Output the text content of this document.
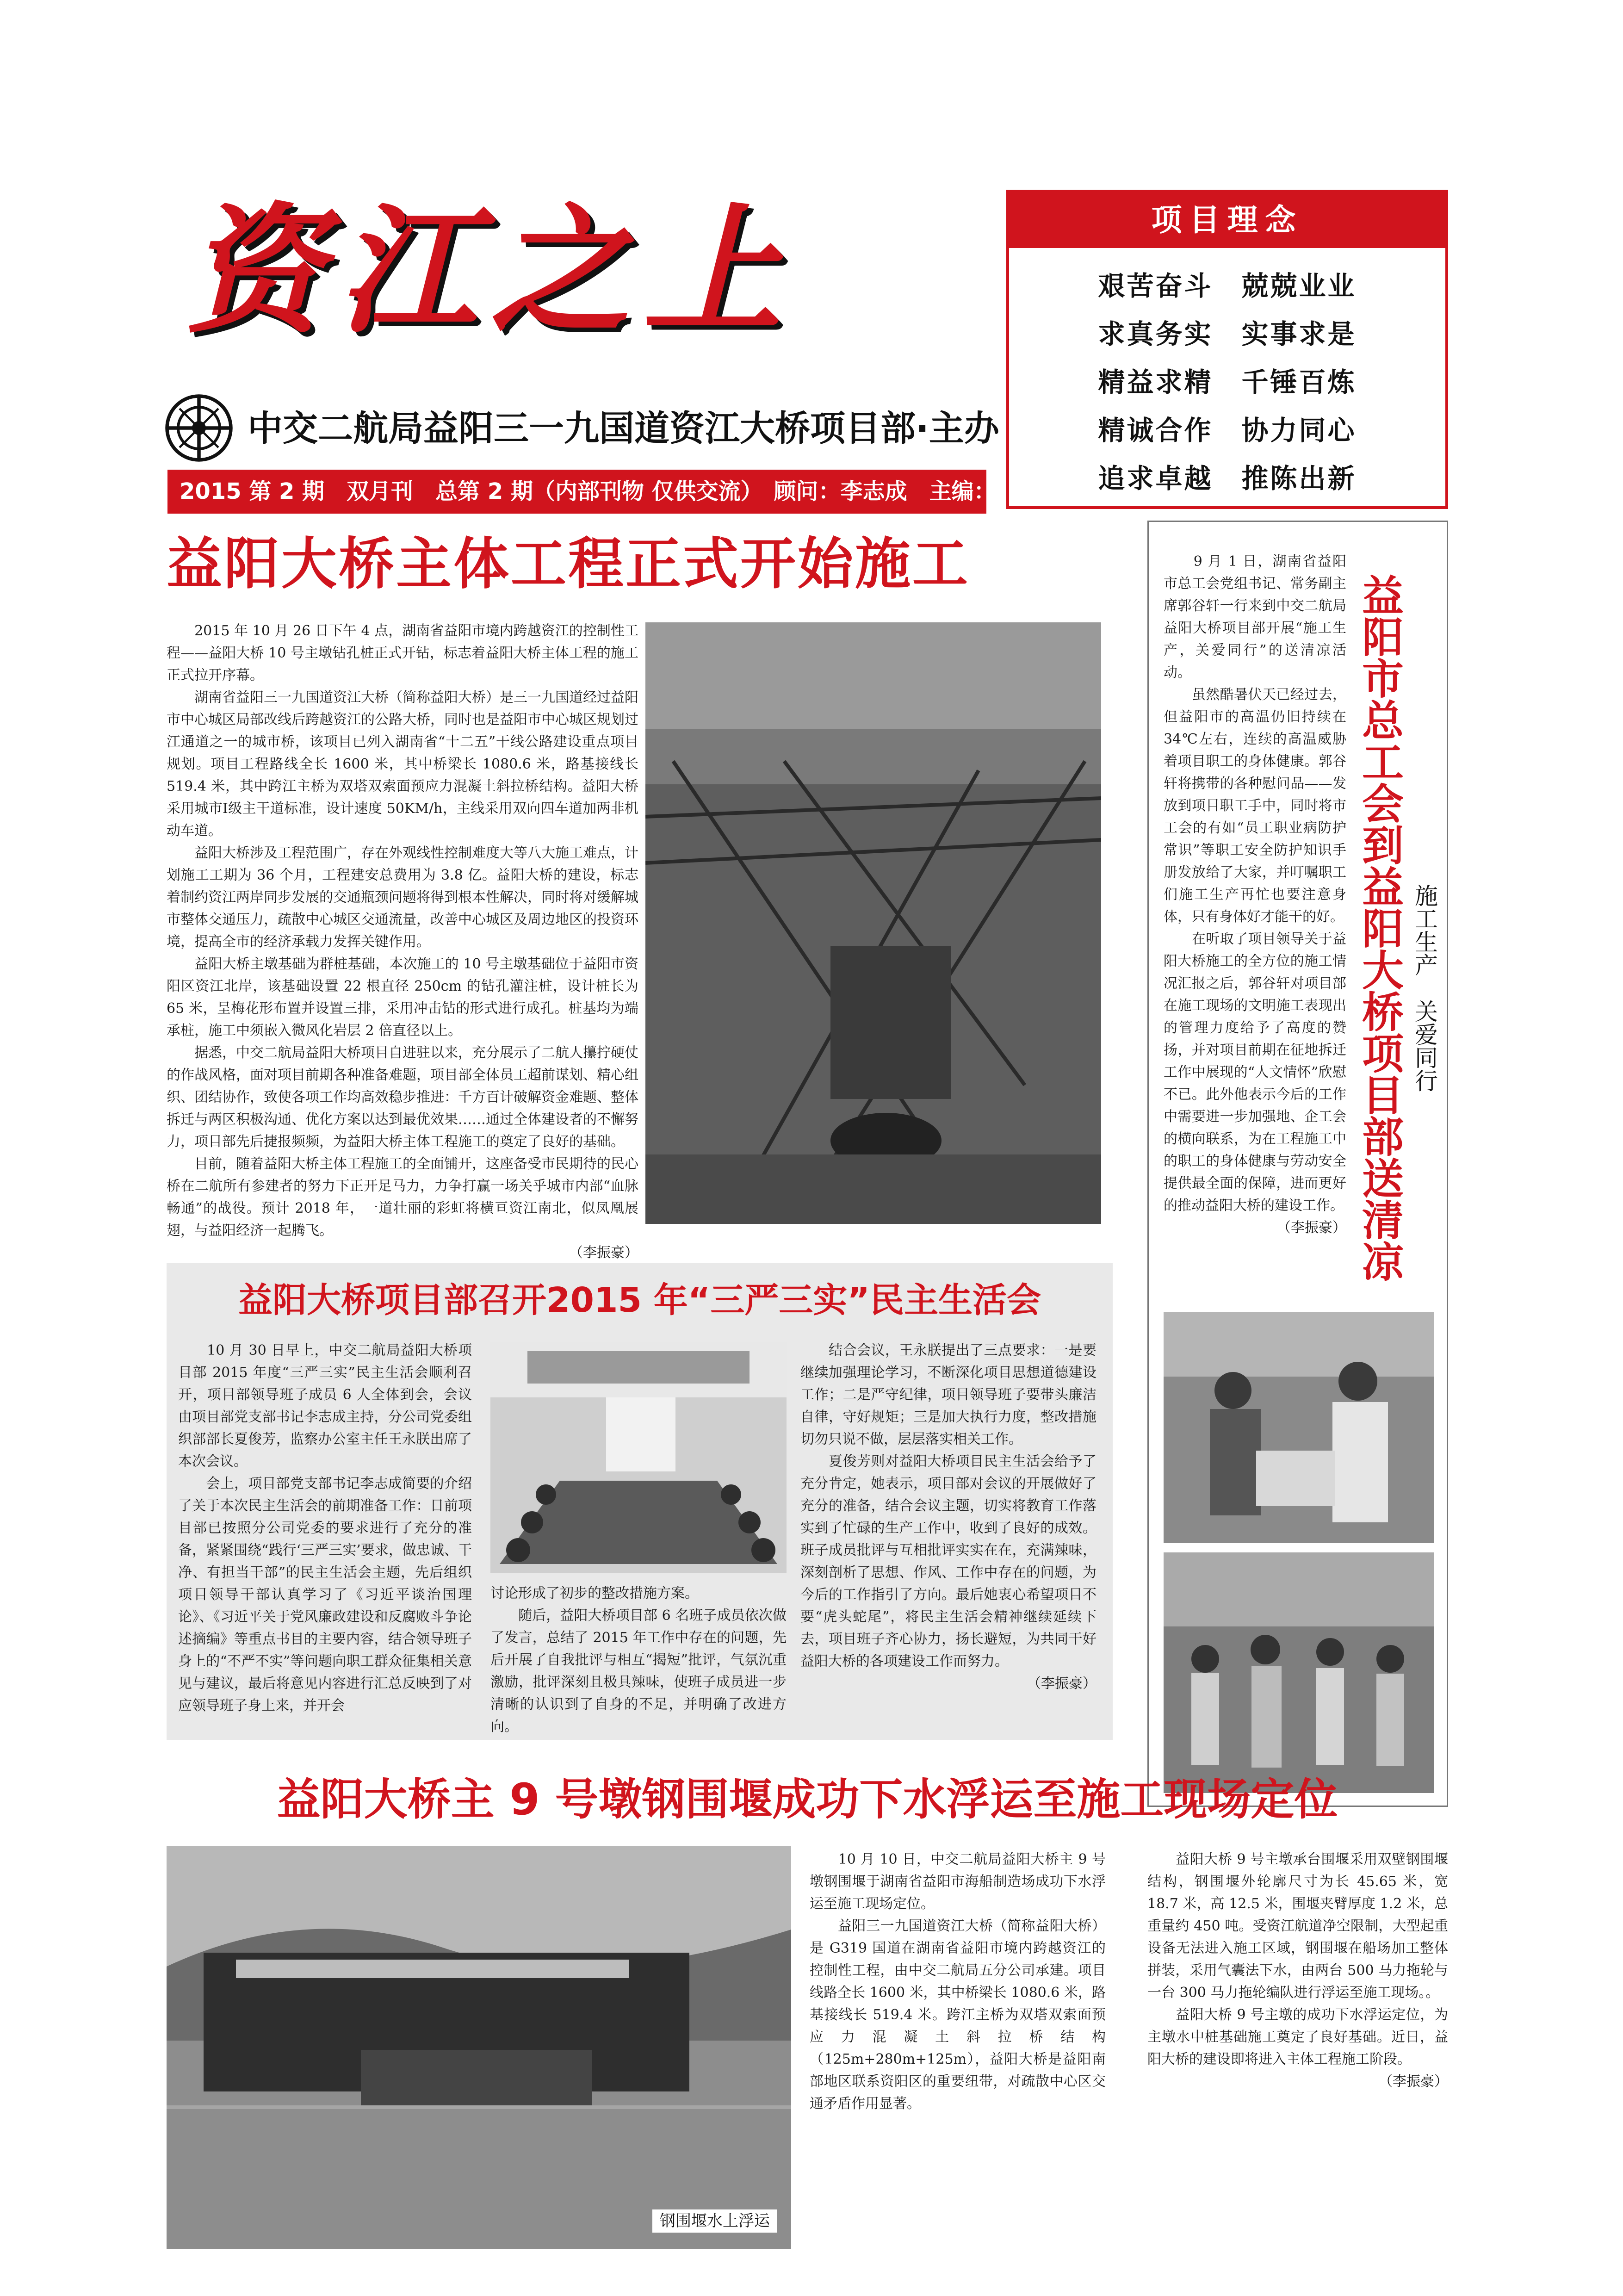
资江之上
中交二航局益阳三一九国道资江大桥项目部·主办
2015 第 2 期　双月刊　总第 2 期（内部刊物 仅供交流）　顾问：李志成　主编：李振豪
项目理念
艰苦奋斗　兢兢业业
求真务实　实事求是
精益求精　千锤百炼
精诚合作　协力同心
追求卓越　推陈出新
益阳大桥主体工程正式开始施工

　　2015 年 10 月 26 日下午 4 点，湖南省益阳市境内跨越资江的控制性工程——益阳大桥 10 号主墩钻孔桩正式开钻，标志着益阳大桥主体工程的施工正式拉开序幕。
　　湖南省益阳三一九国道资江大桥（简称益阳大桥）是三一九国道经过益阳市中心城区局部改线后跨越资江的公路大桥，同时也是益阳市中心城区规划过江通道之一的城市桥，该项目已列入湖南省“十二五”干线公路建设重点项目规划。项目工程路线全长 1600 米，其中桥梁长 1080.6 米，路基接线长 519.4 米，其中跨江主桥为双塔双索面预应力混凝土斜拉桥结构。益阳大桥采用城市Ⅰ级主干道标准，设计速度 50KM/h，主线采用双向四车道加两非机动车道。
　　益阳大桥涉及工程范围广，存在外观线性控制难度大等八大施工难点，计划施工工期为 36 个月，工程建安总费用为 3.8 亿。益阳大桥的建设，标志着制约资江两岸同步发展的交通瓶颈问题将得到根本性解决，同时将对缓解城市整体交通压力，疏散中心城区交通流量，改善中心城区及周边地区的投资环境，提高全市的经济承载力发挥关键作用。
　　益阳大桥主墩基础为群桩基础，本次施工的 10 号主墩基础位于益阳市资阳区资江北岸，该基础设置 22 根直径 250cm 的钻孔灌注桩，设计桩长为 65 米，呈梅花形布置并设置三排，采用冲击钻的形式进行成孔。桩基均为端承桩，施工中须嵌入微风化岩层 2 倍直径以上。
　　据悉，中交二航局益阳大桥项目自进驻以来，充分展示了二航人攥拧硬仗的作战风格，面对项目前期各种准备难题，项目部全体员工超前谋划、精心组织、团结协作，致使各项工作均高效稳步推进：千方百计破解资金难题、整体拆迁与两区积极沟通、优化方案以达到最优效果……通过全体建设者的不懈努力，项目部先后捷报频频，为益阳大桥主体工程施工的奠定了良好的基础。
　　目前，随着益阳大桥主体工程施工的全面铺开，这座备受市民期待的民心桥在二航所有参建者的努力下正开足马力，力争打赢一场关乎城市内部“血脉畅通”的战役。预计 2018 年，一道壮丽的彩虹将横亘资江南北，似凤凰展翅，与益阳经济一起腾飞。

（李振豪）	益阳市总工会到益阳大桥项目部送清凉 施工生产　关爱同行

　　9 月 1 日，湖南省益阳市总工会党组书记、常务副主席郭谷轩一行来到中交二航局益阳大桥项目部开展“施工生产，关爱同行”的送清凉活动。
　　虽然酷暑伏天已经过去，但益阳市的高温仍旧持续在 34℃左右，连续的高温威胁着项目职工的身体健康。郭谷轩将携带的各种慰问品——发放到项目职工手中，同时将市工会的有如“员工职业病防护常识”等职工安全防护知识手册发放给了大家，并叮嘱职工们施工生产再忙也要注意身体，只有身体好才能干的好。
　　在听取了项目领导关于益阳大桥施工的全方位的施工情况汇报之后，郭谷轩对项目部在施工现场的文明施工表现出的管理力度给予了高度的赞扬，并对项目前期在征地拆迁工作中展现的“人文情怀”欣慰不已。此外他表示今后的工作中需要进一步加强地、企工会的横向联系，为在工程施工中的职工的身体健康与劳动安全提供最全面的保障，进而更好的推动益阳大桥的建设工作。

（李振豪）

益阳大桥项目部召开2015 年“三严三实”民主生活会

　　10 月 30 日早上，中交二航局益阳大桥项目部 2015 年度“三严三实”民主生活会顺利召开，项目部领导班子成员 6 人全体到会，会议由项目部党支部书记李志成主持，分公司党委组织部部长夏俊芳，监察办公室主任王永朕出席了本次会议。
　　会上，项目部党支部书记李志成简要的介绍了关于本次民主生活会的前期准备工作：日前项目部已按照分公司党委的要求进行了充分的准备，紧紧围绕“践行‘三严三实’要求，做忠诚、干净、有担当干部”的民主生活会主题，先后组织项目领导干部认真学习了《习近平谈治国理论》、《习近平关于党风廉政建设和反腐败斗争论述摘编》等重点书目的主要内容，结合领导班子身上的“不严不实”等问题向职工群众征集相关意见与建议，最后将意见内容进行汇总反映到了对应领导班子身上来，并开会

讨论形成了初步的整改措施方案。
　　随后，益阳大桥项目部 6 名班子成员依次做了发言，总结了 2015 年工作中存在的问题，先后开展了自我批评与相互“揭短”批评，气氛沉重激励，批评深刻且极具辣味，使班子成员进一步清晰的认识到了自身的不足，并明确了改进方向。

　　结合会议，王永朕提出了三点要求：一是要继续加强理论学习，不断深化项目思想道德建设工作；二是严守纪律，项目领导班子要带头廉洁自律，守好规矩；三是加大执行力度，整改措施切勿只说不做，层层落实相关工作。
　　夏俊芳则对益阳大桥项目民主生活会给予了充分肯定，她表示，项目部对会议的开展做好了充分的准备，结合会议主题，切实将教育工作落实到了忙碌的生产工作中，收到了良好的成效。班子成员批评与互相批评实实在在，充满辣味，深刻剖析了思想、作风、工作中存在的问题，为今后的工作指引了方向。最后她衷心希望项目不要“虎头蛇尾”，将民主生活会精神继续延续下去，项目班子齐心协力，扬长避短，为共同干好益阳大桥的各项建设工作而努力。

（李振豪）

益阳大桥主 9 号墩钢围堰成功下水浮运至施工现场定位
钢围堰水上浮运

　　10 月 10 日，中交二航局益阳大桥主 9 号墩钢围堰于湖南省益阳市海船制造场成功下水浮运至施工现场定位。
　　益阳三一九国道资江大桥（简称益阳大桥）是 G319 国道在湖南省益阳市境内跨越资江的控制性工程，由中交二航局五分公司承建。项目线路全长 1600 米，其中桥梁长 1080.6 米，路基接线长 519.4 米。跨江主桥为双塔双索面预应力混凝土斜拉桥结构（125m+280m+125m），益阳大桥是益阳南部地区联系资阳区的重要纽带，对疏散中心区交通矛盾作用显著。

　　益阳大桥 9 号主墩承台围堰采用双壁钢围堰结构，钢围堰外轮廓尺寸为长 45.65 米，宽 18.7 米，高 12.5 米，围堰夹臂厚度 1.2 米，总重量约 450 吨。受资江航道净空限制，大型起重设备无法进入施工区域，钢围堰在船场加工整体拼装，采用气囊法下水，由两台 500 马力拖轮与一台 300 马力拖轮编队进行浮运至施工现场。。
　　益阳大桥 9 号主墩的成功下水浮运定位，为主墩水中桩基础施工奠定了良好基础。近日，益阳大桥的建设即将进入主体工程施工阶段。

（李振豪）
